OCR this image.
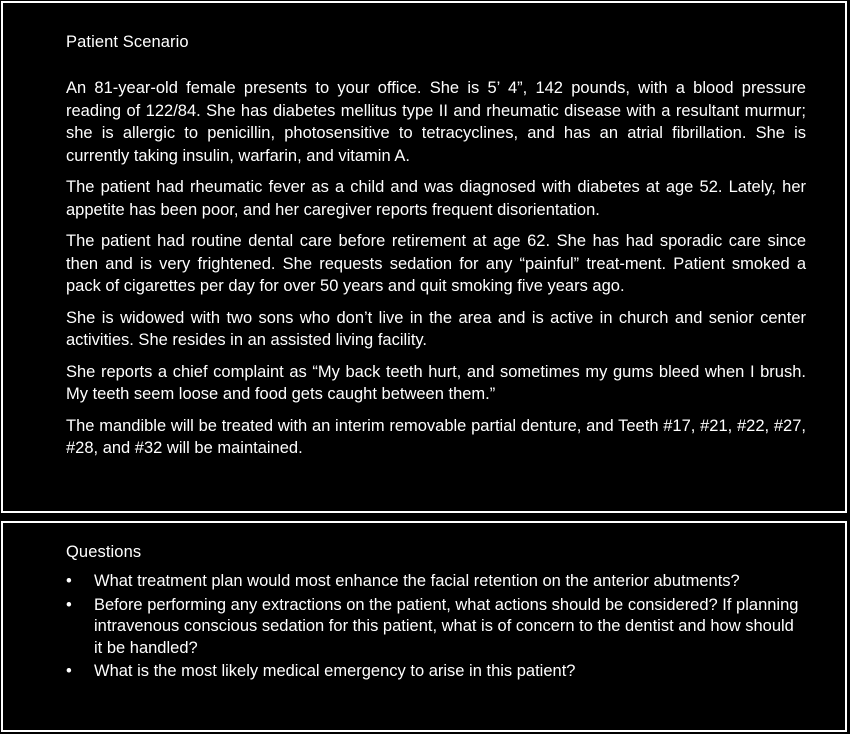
Patient Scenario

An 81-year-old female presents to your office. She is 5’ 4”, 142 pounds, with a blood pressure reading of 122/84. She has diabetes mellitus type II and rheumatic disease with a resultant murmur; she is allergic to penicillin, photosensitive to tetracyclines, and has an atrial fibrillation. She is currently taking insulin, warfarin, and vitamin A.

The patient had rheumatic fever as a child and was diagnosed with diabetes at age 52. Lately, her appetite has been poor, and her caregiver reports frequent disorientation.

The patient had routine dental care before retirement at age 62. She has had sporadic care since then and is very frightened. She requests sedation for any “painful” treat-ment. Patient smoked a pack of cigarettes per day for over 50 years and quit smoking five years ago.

She is widowed with two sons who don’t live in the area and is active in church and senior center activities. She resides in an assisted living facility.

She reports a chief complaint as “My back teeth hurt, and sometimes my gums bleed when I brush. My teeth seem loose and food gets caught between them.”

The mandible will be treated with an interim removable partial denture, and Teeth #17, #21, #22, #27, #28, and #32 will be maintained.

Questions
• What treatment plan would most enhance the facial retention on the anterior abutments?
• Before performing any extractions on the patient, what actions should be considered? If planning intravenous conscious sedation for this patient, what is of concern to the dentist and how should it be handled?
• What is the most likely medical emergency to arise in this patient?
